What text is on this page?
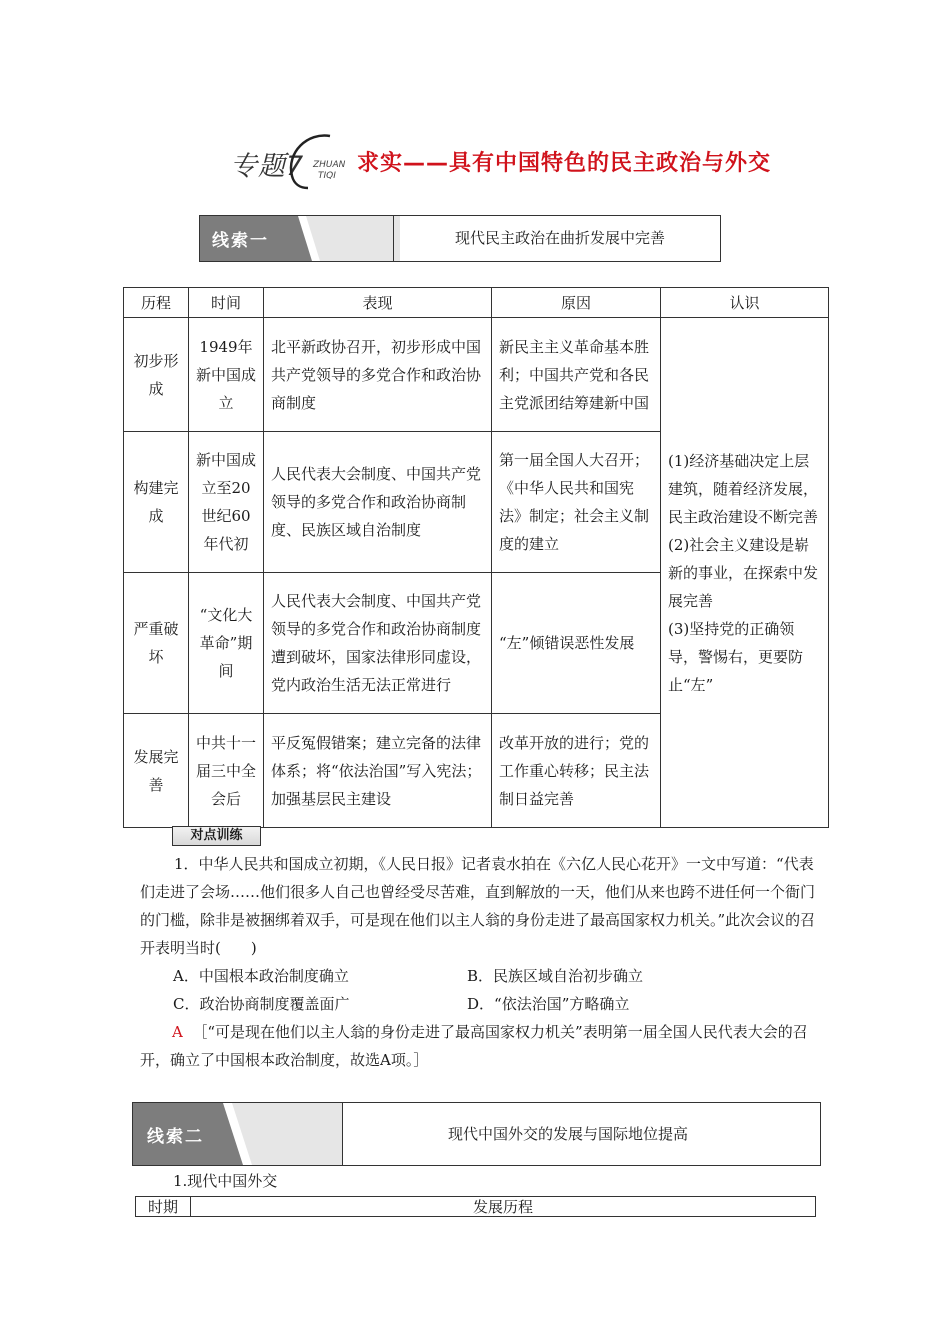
专题7 ZHUAN
TIQI 求实——具有中国特色的民主政治与外交
线索一	现代民主政治在曲折发展中完善
历程	时间	表现	原因	认识
初步形成	1949年新中国成立	北平新政协召开，初步形成中国共产党领导的多党合作和政治协商制度	新民主主义革命基本胜利；中国共产党和各民主党派团结筹建新中国	(1)经济基础决定上层建筑，随着经济发展，民主政治建设不断完善
(2)社会主义建设是崭新的事业，在探索中发展完善
(3)坚持党的正确领导，警惕右，更要防止“左”

构建完成	新中国成立至20世纪60年代初	人民代表大会制度、中国共产党领导的多党合作和政治协商制度、民族区域自治制度	第一届全国人大召开；《中华人民共和国宪法》制定；社会主义制度的建立	
严重破坏	“文化大革命”期间	人民代表大会制度、中国共产党领导的多党合作和政治协商制度遭到破坏，国家法律形同虚设，党内政治生活无法正常进行	“左”倾错误恶性发展	
发展完善	中共十一届三中全会后	平反冤假错案；建立完备的法律体系；将“依法治国”写入宪法；加强基层民主建设	改革开放的进行；党的工作重心转移；民主法制日益完善	
对点训练
1．中华人民共和国成立初期，《人民日报》记者袁水拍在《六亿人民心花开》一文中写道：“代表们走进了会场……他们很多人自己也曾经受尽苦难，直到解放的一天，他们从来也跨不进任何一个衙门的门槛，除非是被捆绑着双手，可是现在他们以主人翁的身份走进了最高国家权力机关。”此次会议的召开表明当时(　　)
A．中国根本政治制度确立	B．民族区域自治初步确立
C．政治协商制度覆盖面广	D．“依法治国”方略确立
A ［“可是现在他们以主人翁的身份走进了最高国家权力机关”表明第一届全国人民代表大会的召开，确立了中国根本政治制度，故选A项。］
线索二	现代中国外交的发展与国际地位提高
1.现代中国外交
时期	发展历程
